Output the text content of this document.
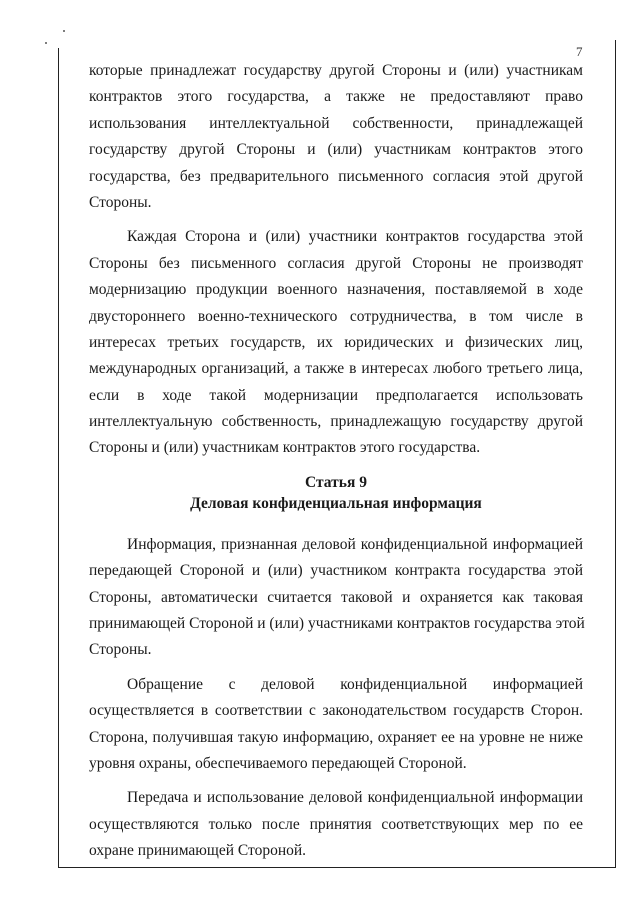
7
которые принадлежат государству другой Стороны и (или) участникам
контрактов этого государства, а также не предоставляют право
использования интеллектуальной собственности, принадлежащей
государству другой Стороны и (или) участникам контрактов этого
государства, без предварительного письменного согласия этой другой
Стороны.
Каждая Сторона и (или) участники контрактов государства этой
Стороны без письменного согласия другой Стороны не производят
модернизацию продукции военного назначения, поставляемой в ходе
двустороннего военно-технического сотрудничества, в том числе в
интересах третьих государств, их юридических и физических лиц,
международных организаций, а также в интересах любого третьего лица,
если в ходе такой модернизации предполагается использовать
интеллектуальную собственность, принадлежащую государству другой
Стороны и (или) участникам контрактов этого государства.
Статья 9
Деловая конфиденциальная информация
Информация, признанная деловой конфиденциальной информацией
передающей Стороной и (или) участником контракта государства этой
Стороны, автоматически считается таковой и охраняется как таковая
принимающей Стороной и (или) участниками контрактов государства этой
Стороны.
Обращение с деловой конфиденциальной информацией
осуществляется в соответствии с законодательством государств Сторон.
Сторона, получившая такую информацию, охраняет ее на уровне не ниже
уровня охраны, обеспечиваемого передающей Стороной.
Передача и использование деловой конфиденциальной информации
осуществляются только после принятия соответствующих мер по ее
охране принимающей Стороной.
